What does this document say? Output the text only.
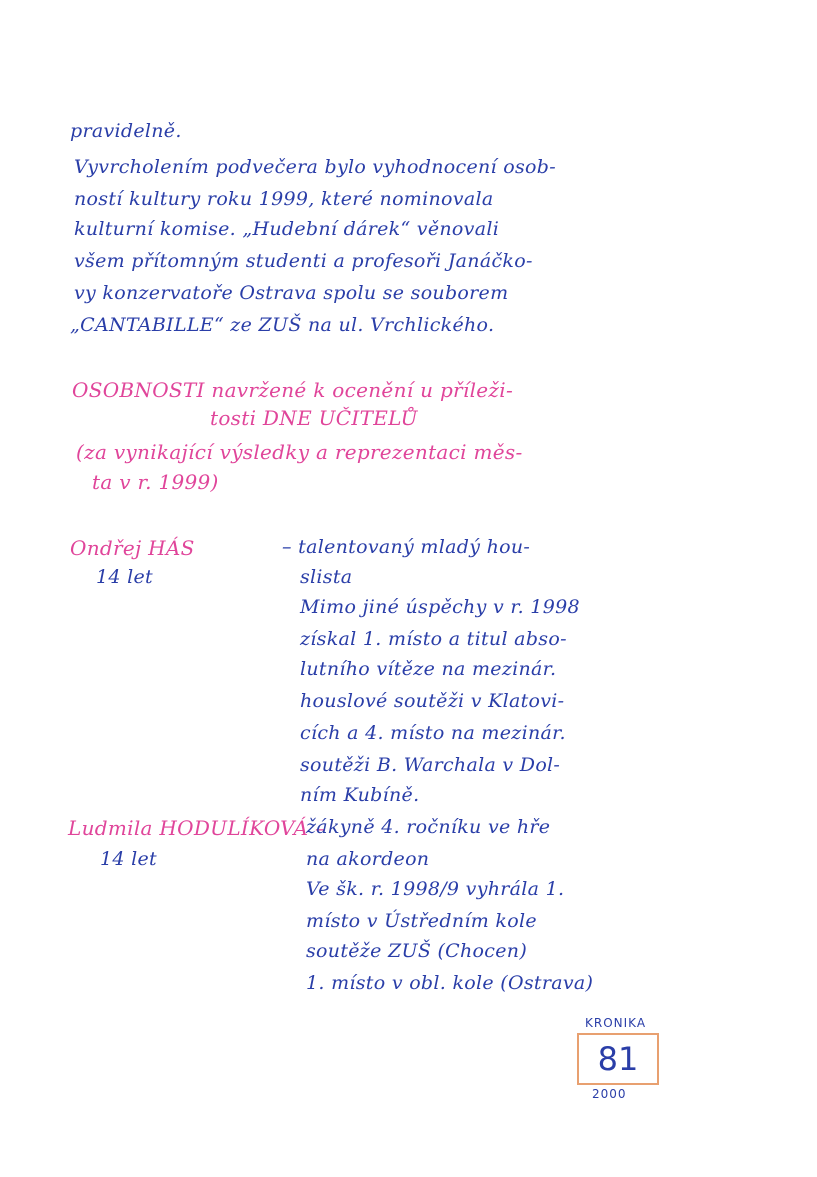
pravidelně.
Vyvrcholením podvečera bylo vyhodnocení osob-
ností kultury roku 1999, které nominovala
kulturní komise. „Hudební dárek“ věnovali
všem přítomným studenti a profesoři Janáčko-
vy konzervatoře Ostrava spolu se souborem
„CANTABILLE“ ze ZUŠ na ul. Vrchlického.
OSOBNOSTI navržené k ocenění u příleži-
tosti DNE UČITELŮ
(za vynikající výsledky a reprezentaci měs-
ta v r. 1999)
Ondřej HÁS
14 let
– talentovaný mladý hou-
slista
Mimo jiné úspěchy v r. 1998
získal 1. místo a titul abso-
lutního vítěze na mezinár.
houslové soutěži v Klatovi-
cích a 4. místo na mezinár.
soutěži B. Warchala v Dol-
ním Kubíně.
Ludmila HODULÍKOVÁ –
14 let
žákyně 4. ročníku ve hře
na akordeon
Ve šk. r. 1998/9 vyhrála 1.
místo v Ústředním kole
soutěže ZUŠ (Chocen)
1. místo v obl. kole (Ostrava)
KRONIKA
81
2000
